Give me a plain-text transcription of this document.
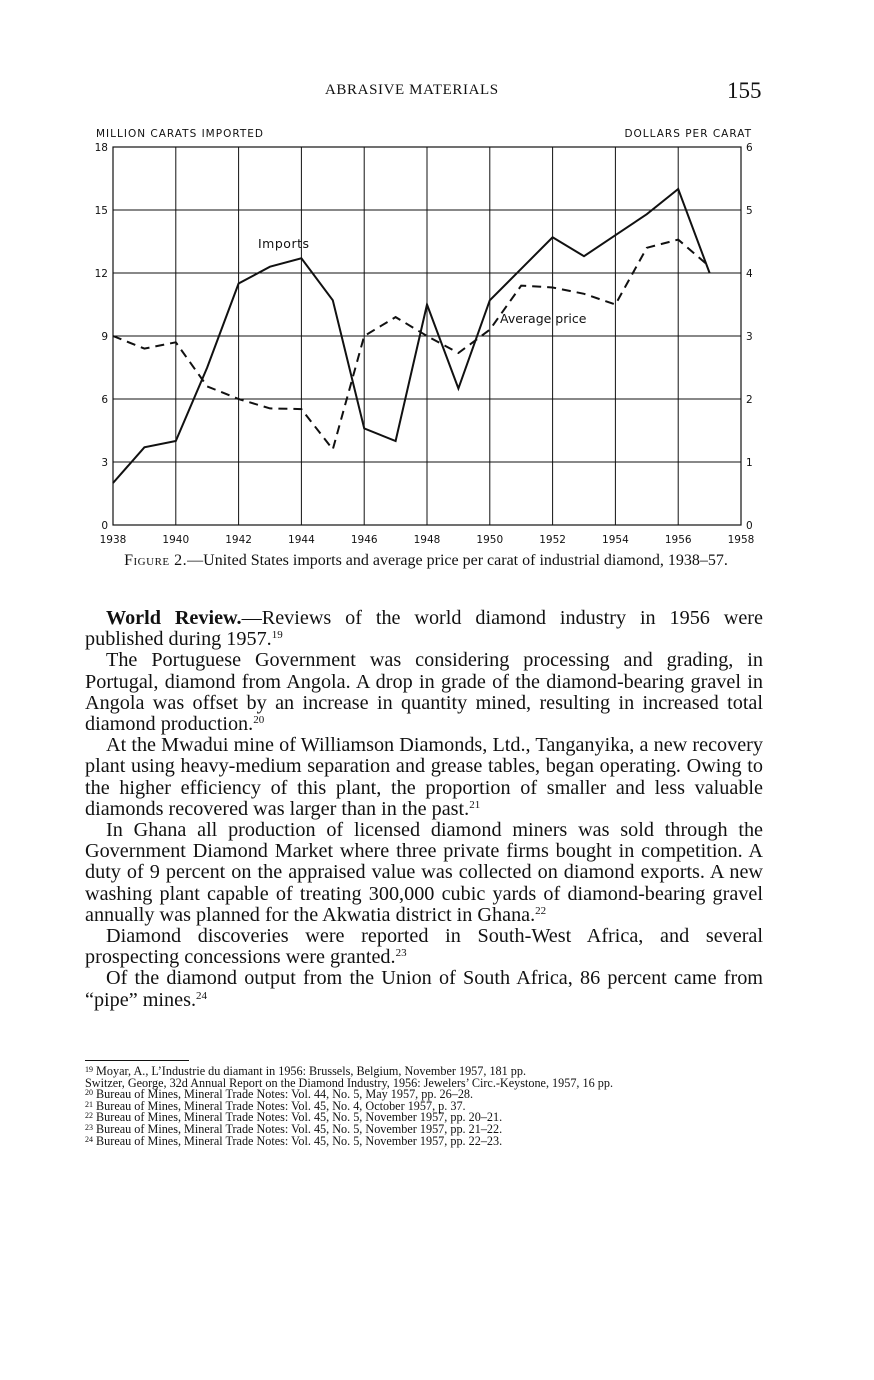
ABRASIVE MATERIALS	155
MILLION CARATS IMPORTED	DOLLARS PER CARAT
1938	1940	1942	1944	1946	1948	1950	1952	1954	1956	1958
0
3
6
9
12
15
18
0
1
2
3
4
5
6
Imports
Average price
Figure 2.—United States imports and average price per carat of industrial diamond, 1938–57.

World Review.—Reviews of the world diamond industry in 1956 were published during 1957.19

The Portuguese Government was considering processing and grading, in Portugal, diamond from Angola. A drop in grade of the diamond-bearing gravel in Angola was offset by an increase in quantity mined, resulting in increased total diamond production.$^{20}$

At the Mwadui mine of Williamson Diamonds, Ltd., Tanganyika, a new recovery plant using heavy-medium separation and grease tables, began operating. Owing to the higher efficiency of this plant, the proportion of smaller and less valuable diamonds recovered was larger than in the past.$^{21}$

In Ghana all production of licensed diamond miners was sold through the Government Diamond Market where three private firms bought in competition. A duty of 9 percent on the appraised value was collected on diamond exports. A new washing plant capable of treating 300,000 cubic yards of diamond-bearing gravel annually was planned for the Akwatia district in Ghana.$^{22}$

Diamond discoveries were reported in South-West Africa, and several prospecting concessions were granted.$^{23}$

Of the diamond output from the Union of South Africa, 86 percent came from “pipe” mines.$^{24}$

$^{19}$ Moyar, A., L’Industrie du diamant in 1956: Brussels, Belgium, November 1957, 181 pp.

Switzer, George, 32d Annual Report on the Diamond Industry, 1956: Jewelers’ Circ.-Keystone, 1957, 16 pp.

$^{20}$ Bureau of Mines, Mineral Trade Notes: Vol. 44, No. 5, May 1957, pp. 26–28.

$^{21}$ Bureau of Mines, Mineral Trade Notes: Vol. 45, No. 4, October 1957, p. 37.

$^{22}$ Bureau of Mines, Mineral Trade Notes: Vol. 45, No. 5, November 1957, pp. 20–21.

$^{23}$ Bureau of Mines, Mineral Trade Notes: Vol. 45, No. 5, November 1957, pp. 21–22.

$^{24}$ Bureau of Mines, Mineral Trade Notes: Vol. 45, No. 5, November 1957, pp. 22–23.
